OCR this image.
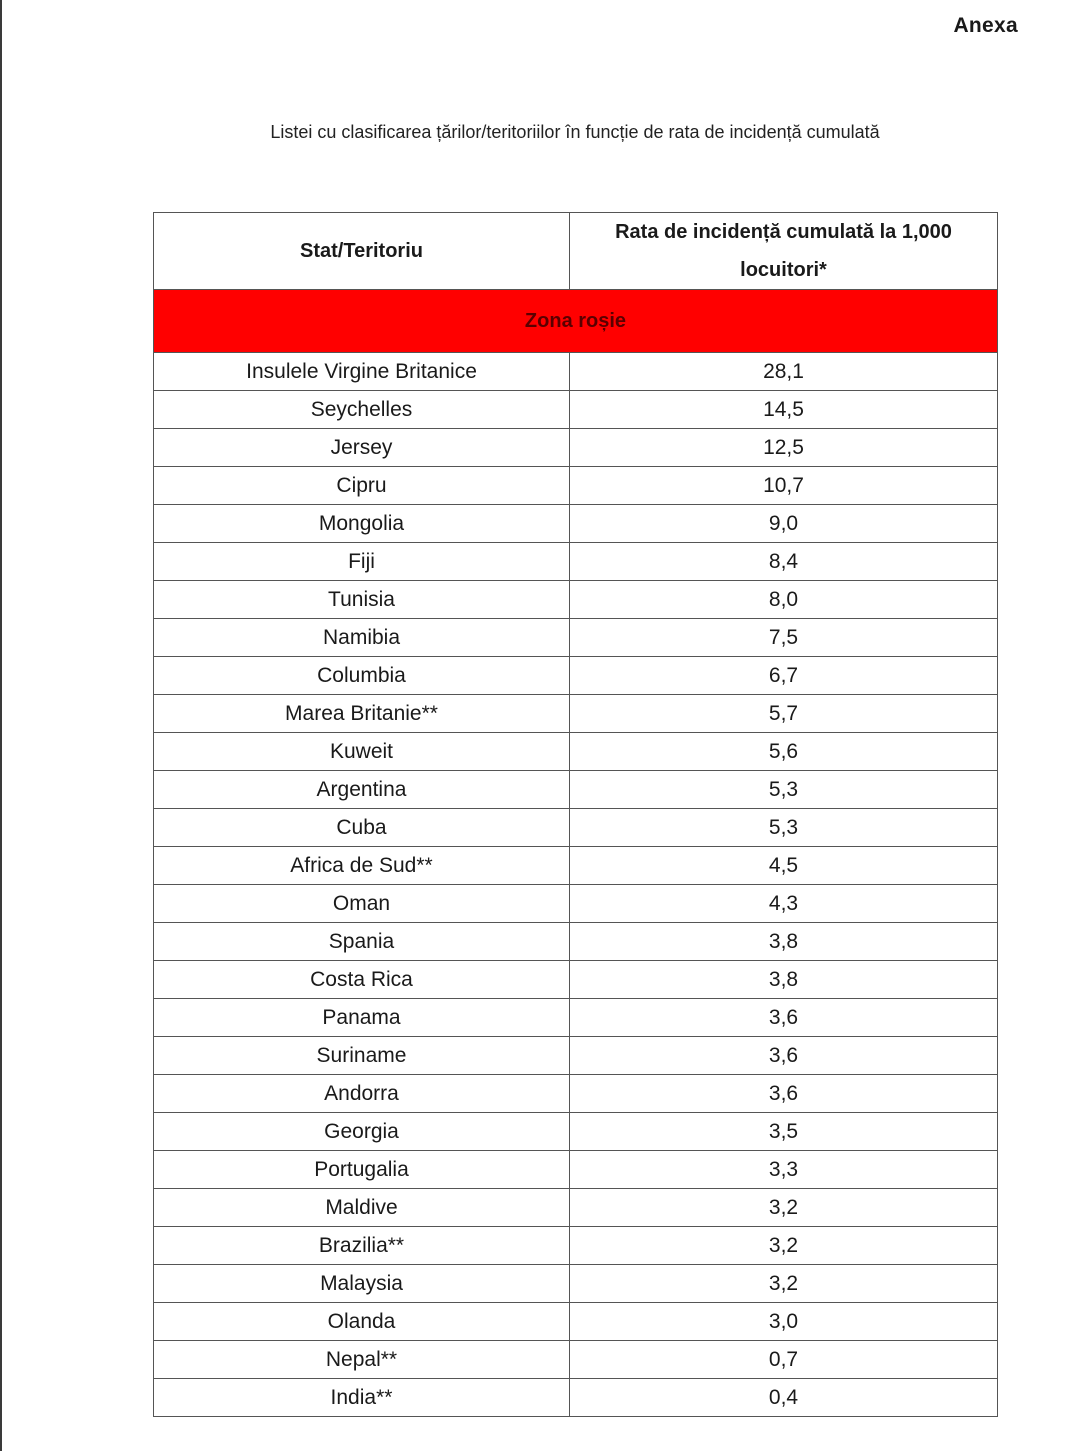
Anexa
Listei cu clasificarea țărilor/teritoriilor în funcție de rata de incidență cumulată
Stat/Teritoriu	Rata de incidență cumulată la 1,000
locuitori*
Zona roșie	
Insulele Virgine Britanice	28,1
Seychelles	14,5
Jersey	12,5
Cipru	10,7
Mongolia	9,0
Fiji	8,4
Tunisia	8,0
Namibia	7,5
Columbia	6,7
Marea Britanie**	5,7
Kuweit	5,6
Argentina	5,3
Cuba	5,3
Africa de Sud**	4,5
Oman	4,3
Spania	3,8
Costa Rica	3,8
Panama	3,6
Suriname	3,6
Andorra	3,6
Georgia	3,5
Portugalia	3,3
Maldive	3,2
Brazilia**	3,2
Malaysia	3,2
Olanda	3,0
Nepal**	0,7
India**	0,4
